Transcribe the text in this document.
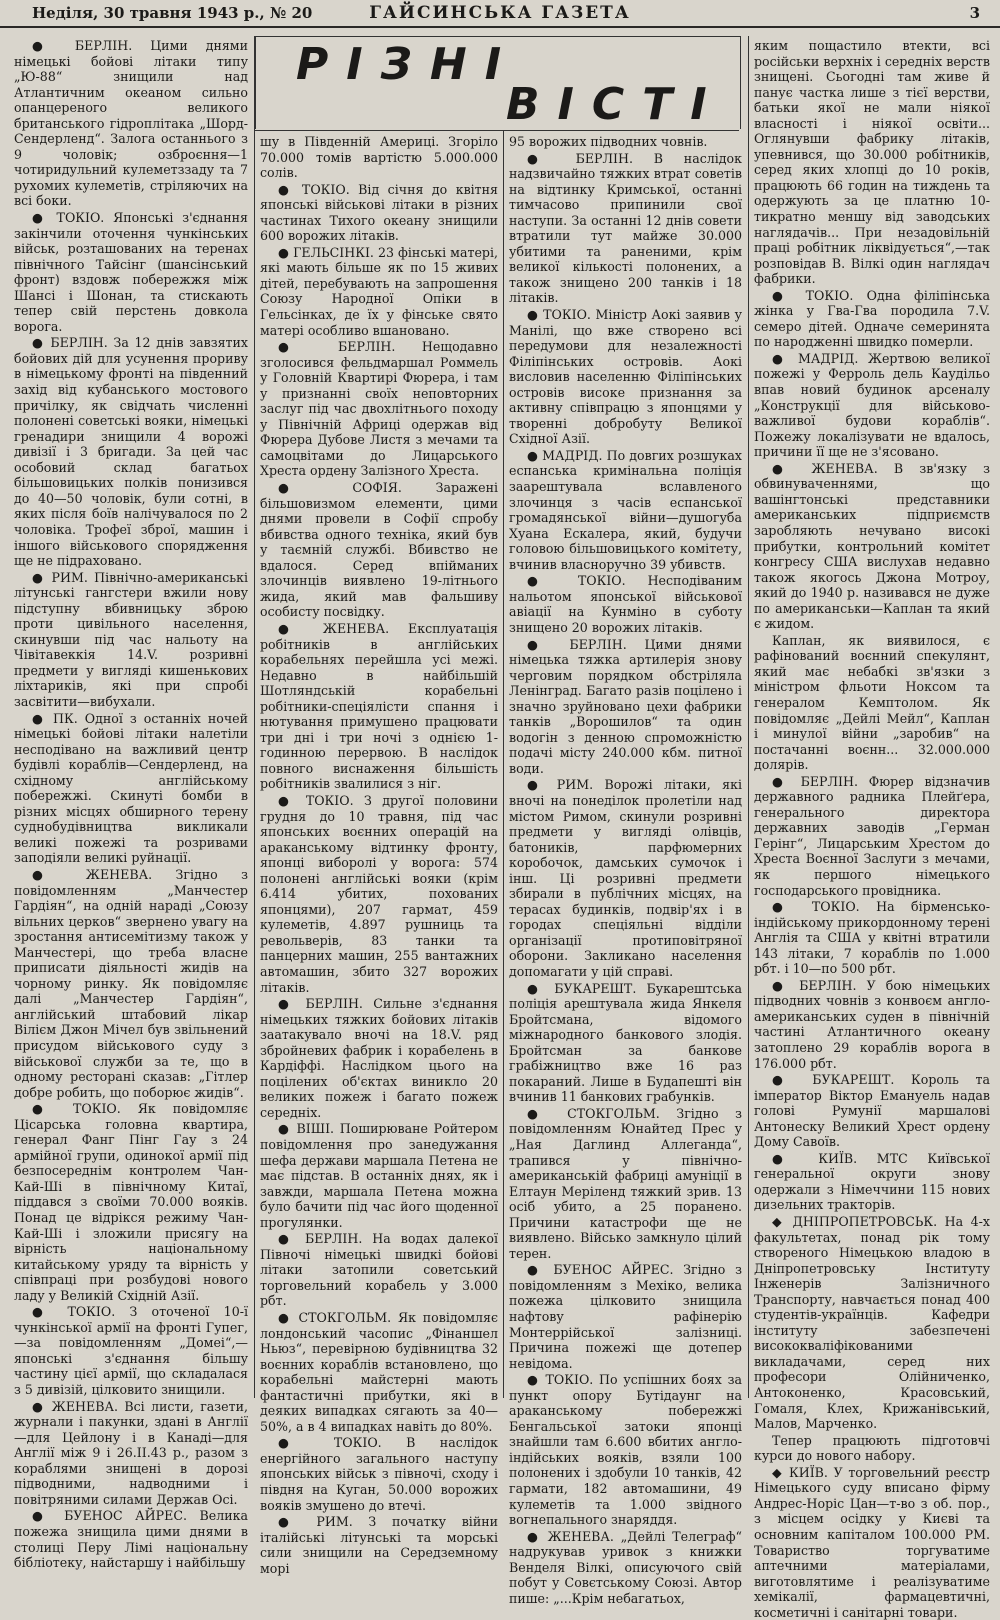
Неділя, 30 травня 1943 р., № 20	ГАЙСИНСЬКА ГАЗЕТА	3
РІЗНІ
ВІСТІ

● БЕРЛІН. Цими днями німецькі бойові літаки типу „Ю-88“ знищили над Атлантичним океаном сильно опанцереного великого британського гідроплітака „Шорд-Сендерленд“. Залога останнього з 9 чоловік; озброєння—1 чотиридульний кулеметззаду та 7 рухомих кулеметів, стріляючих на всі боки.

● ТОКІО. Японські з'єднання закінчили оточення чункінських військ, розташованих на теренах північного Тайсінг (шансінський фронт) вздовж побережжя між Шансі і Шонан, та стискають тепер свій перстень довкола ворога.

● БЕРЛІН. За 12 днів завзятих бойових дій для усунення прориву в німецькому фронті на південний захід від кубанського мостового причілку, як свідчать численні полонені советські вояки, німецькі гренадири знищили 4 ворожі дивізії і 3 бригади. За цей час особовий склад багатьох більшовицьких полків понизився до 40—50 чоловік, були сотні, в яких після боїв налічувалося по 2 чоловіка. Трофеї зброї, машин і іншого військового спорядження ще не підраховано.

● РИМ. Північно-американські літунські гангстери вжили нову підступну вбивницьку зброю проти цивільного населення, скинувши під час нальоту на Чівітавеккія 14.V. розривні предмети у вигляді кишенькових ліхтариків, які при спробі засвітити—вибухали.

● ПК. Одної з останніх ночей німецькі бойові літаки налетіли несподівано на важливий центр будівлі кораблів—Сендерленд, на східному англійському побережжі. Скинуті бомби в різних місцях обширного терену суднобудівництва викликали великі пожежі та розривами заподіяли великі руйнації.

● ЖЕНЕВА. Згідно з повідомленням „Манчестер Гардіян“, на одній нараді „Союзу вільних церков“ звернено увагу на зростання антисемітизму також у Манчестері, що треба власне приписати діяльності жидів на чорному ринку. Як повідомляє далі „Манчестер Гардіян“, англійський штабовий лікар Вілієм Джон Мічел був звільнений присудом військового суду з військової служби за те, що в одному ресторані сказав: „Гітлер добре робить, що поборює жидів“.

● ТОКІО. Як повідомляє Цісарська головна квартира, генерал Фанг Пінг Гау з 24 армійної групи, одинокої армії під безпосереднім контролем Чан-Кай-Ші в північному Китаї, піддався з своїми 70.000 вояків. Понад це відрікся режиму Чан-Кай-Ші і зложили присягу на вірність національному китайському уряду та вірність у співпраці при розбудові нового ладу у Великій Східній Азії.

● ТОКІО. З оточеної 10-ї чункінської армії на фронті Гупег,—за повідомленням „Домеі“,—японські з'єднання більшу частину цієї армії, що складалася з 5 дивізій, цілковито знищили.

● ЖЕНЕВА. Всі листи, газети, журнали і пакунки, здані в Англії—для Цейлону і в Канаді—для Англії між 9 і 26.ІІ.43 р., разом з кораблями знищені в дорозі підводними, надводними і повітряними силами Держав Осі.

● БУЕНОС АЙРЕС. Велика пожежа знищила цими днями в столиці Перу Лімі національну бібліотеку, найстаршу і найбільшу

шу в Південній Америці. Згоріло 70.000 томів вартістю 5.000.000 солів.

● ТОКІО. Від січня до квітня японські військові літаки в різних частинах Тихого океану знищили 600 ворожих літаків.

● ГЕЛЬСІНКІ. 23 фінські матері, які мають більше як по 15 живих дітей, перебувають на запрошення Союзу Народної Опіки в Гельсінках, де їх у фінське свято матері особливо вшановано.

● БЕРЛІН. Нещодавно зголосився фельдмаршал Роммель у Головній Квартирі Фюрера, і там у признанні своїх неповторних заслуг під час двохлітнього походу у Північній Африці одержав від Фюрера Дубове Листя з мечами та самоцвітами до Лицарського Хреста ордену Залізного Хреста.

● СОФІЯ. Заражені більшовизмом елементи, цими днями провели в Софії спробу вбивства одного техніка, який був у таємній службі. Вбивство не вдалося. Серед впійманих злочинців виявлено 19-літнього жида, який мав фальшиву особисту посвідку.

● ЖЕНЕВА. Експлуатація робітників в англійських корабельнях перейшла усі межі. Недавно в найбільшій Шотляндській корабельні робітники-спеціялісти спання і нютування примушено працювати три дні і три ночі з однією 1-годинною перервою. В наслідок повного виснаження більшість робітників звалилися з ніг.

● ТОКІО. З другої половини грудня до 10 травня, під час японських воєнних операцій на араканському відтинку фронту, японці виборолі у ворога: 574 полонені англійські вояки (крім 6.414 убитих, похованих японцями), 207 гармат, 459 кулеметів, 4.897 рушниць та револьверів, 83 танки та панцерних машин, 255 вантажних автомашин, збито 327 ворожих літаків.

● БЕРЛІН. Сильне з'єднання німецьких тяжких бойових літаків заатакувало вночі на 18.V. ряд збройневих фабрик і корабелень в Кардіффі. Наслідком цього на поцілених об'єктах виникло 20 великих пожеж і багато пожеж середніх.

● ВІШІ. Поширюване Ройтером повідомлення про занедужання шефа держави маршала Петена не має підстав. В останніх днях, як і завжди, маршала Петена можна було бачити під час його щоденної прогулянки.

● БЕРЛІН. На водах далекої Півночі німецькі швидкі бойові літаки затопили советський торговельний корабель у 3.000 рбт.

● СТОКГОЛЬМ. Як повідомляє лондонський часопис „Фінаншел Ньюз“, перевірною будівництва 32 воєнних кораблів встановлено, що корабельні майстерні мають фантастичні прибутки, які в деяких випадках сягають за 40—50%, а в 4 випадках навіть до 80%.

● ТОКІО. В наслідок енергійного загального наступу японських військ з півночі, сходу і півдня на Куган, 50.000 ворожих вояків змушено до втечі.

● РИМ. З початку війни італійські літунські та морські сили знищили на Середземному морі

95 ворожих підводних човнів.

● БЕРЛІН. В наслідок надзвичайно тяжких втрат советів на відтинку Кримської, останні тимчасово припинили свої наступи. За останні 12 днів совети втратили тут майже 30.000 убитими та раненими, крім великої кількості полонених, а також знищено 200 танків і 18 літаків.

● ТОКІО. Міністр Аокі заявив у Манілі, що вже створено всі передумови для незалежності Філіпінських островів. Аокі висловив населенню Філіпінських островів високе признання за активну співпрацю з японцями у творенні добробуту Великої Східної Азії.

● МАДРІД. По довгих розшуках еспанська кримінальна поліція заарештувала вславленого злочинця з часів еспанської громадянської війни—душогуба Хуана Ескалера, який, будучи головою більшовицького комітету, вчинив власноручно 39 убивств.

● ТОКІО. Несподіваним нальотом японської військової авіації на Кунміно в суботу знищено 20 ворожих літаків.

● БЕРЛІН. Цими днями німецька тяжка артилерія знову черговим порядком обстріляла Ленінград. Багато разів поцілено і значно зруйновано цехи фабрики танків „Ворошилов“ та один водогін з денною спроможністю подачі місту 240.000 кбм. питної води.

● РИМ. Ворожі літаки, які вночі на понеділок пролетіли над містом Римом, скинули розривні предмети у вигляді олівців, батоників, парфюмерних коробочок, дамських сумочок і інш. Ці розривні предмети збирали в публічних місцях, на терасах будинків, подвір'ях і в городах спеціяльні відділи організації протиповітряної оборони. Закликано населення допомагати у цій справі.

● БУКАРЕШТ. Букарештська поліція арештувала жида Янкеля Бройтсмана, відомого міжнародного банкового злодія. Бройтсман за банкове грабіжництво вже 16 раз покараний. Лише в Будапешті він вчинив 11 банкових грабунків.

● СТОКГОЛЬМ. Згідно з повідомленням Юнайтед Прес у „Ная Даглинд Аллеганда“, трапився у північно-американській фабриці амуніції в Елтаун Меріленд тяжкий зрив. 13 осіб убито, а 25 поранено. Причини катастрофи ще не виявлено. Військо замкнуло цілий терен.

● БУЕНОС АЙРЕС. Згідно з повідомленням з Мехіко, велика пожежа цілковито знищила нафтову рафінерію Монтеррійської залізниці. Причина пожежі ще дотепер невідома.

● ТОКІО. По успішних боях за пункт опору Бутідаунг на араканському побережжі Бенгальської затоки японці знайшли там 6.600 вбитих англо-індійських вояків, взяли 100 полонених і здобули 10 танків, 42 гармати, 182 автомашини, 49 кулеметів та 1.000 звідного вогнепального знаряддя.

● ЖЕНЕВА. „Дейлі Телеграф“ надрукував уривок з книжки Венделя Вілкі, описуючого свій побут у Совєтському Союзі. Автор пише: „...Крім небагатьох,

яким пощастило втекти, всі російськи верхніх і середніх верств знищені. Сьогодні там живе й панує частка лише з тієї верстви, батьки якої не мали ніякої власності і ніякої освіти... Оглянувши фабрику літаків, упевнився, що 30.000 робітників, серед яких хлопці до 10 років, працюють 66 годин на тиждень та одержують за це платню 10-тикратно меншу від заводських наглядачів... При незадовільній праці робітник ліквідується“,—так розповідав В. Вілкі один наглядач фабрики.

● ТОКІО. Одна філіпінська жінка у Гва-Гва породила 7.V. семеро дітей. Одначе семеринята по народженні швидко померли.

● МАДРІД. Жертвою великої пожежі у Ферроль дель Каудільо впав новий будинок арсеналу „Конструкції для військово-важливої будови кораблів“. Пожежу локалізувати не вдалось, причини її ще не з'ясовано.

● ЖЕНЕВА. В зв'язку з обвинуваченнями, що вашінгтонські представники американських підприємств заробляють нечувано високі прибутки, контрольний комітет конгресу США вислухав недавно також якогось Джона Мотроу, який до 1940 р. називався не дуже по американськи—Каплан та який є жидом.

Каплан, як виявилося, є рафінований воєнний спекулянт, який має небабкі зв'язки з міністром фльоти Ноксом та генералом Кемптолом. Як повідомляє „Дейлі Мейл“, Каплан і минулої війни „заробив“ на постачанні воєнн... 32.000.000 долярів.

● БЕРЛІН. Фюрер відзначив державного радника Плейґера, генерального директора державних заводів „Герман Герінг“, Лицарським Хрестом до Хреста Воєнної Заслуги з мечами, як першого німецького господарського провідника.

● ТОКІО. На бірменсько-індійському прикордонному терені Англія та США у квітні втратили 143 літаки, 7 кораблів по 1.000 рбт. і 10—по 500 рбт.

● БЕРЛІН. У бою німецьких підводних човнів з конвоєм англо-американських суден в північній частині Атлантичного океану затоплено 29 кораблів ворога в 176.000 рбт.

● БУКАРЕШТ. Король та імператор Віктор Емануель надав голові Румунії маршалові Антонеску Великий Хрест ордену Дому Савоїв.

● КИЇВ. МТС Київської генеральної округи знову одержали з Німеччини 115 нових дизельних тракторів.

◆ ДНІПРОПЕТРОВСЬК. На 4-х факультетах, понад рік тому створеного Німецькою владою в Дніпропетровську Інституту Інженерів Залізничного Транспорту, навчається понад 400 студентів-українців. Кафедри інституту забезпечені висококваліфікованими викладачами, серед них професори Олійниченко, Антоконенко, Красовський, Гомаля, Клех, Крижанівський, Малов, Марченко.

Тепер працюють підготовчі курси до нового набору.

◆ КИЇВ. У торговельний реєстр Німецького суду вписано фірму Андрес-Норіс Цан—т-во з об. пор., з місцем осідку у Києві та основним капіталом 100.000 РМ. Товариство торгуватиме аптечними матеріалами, виготовлятиме і реалізуватиме хемікалії, фармацевтичні, косметичні і санітарні товари.
